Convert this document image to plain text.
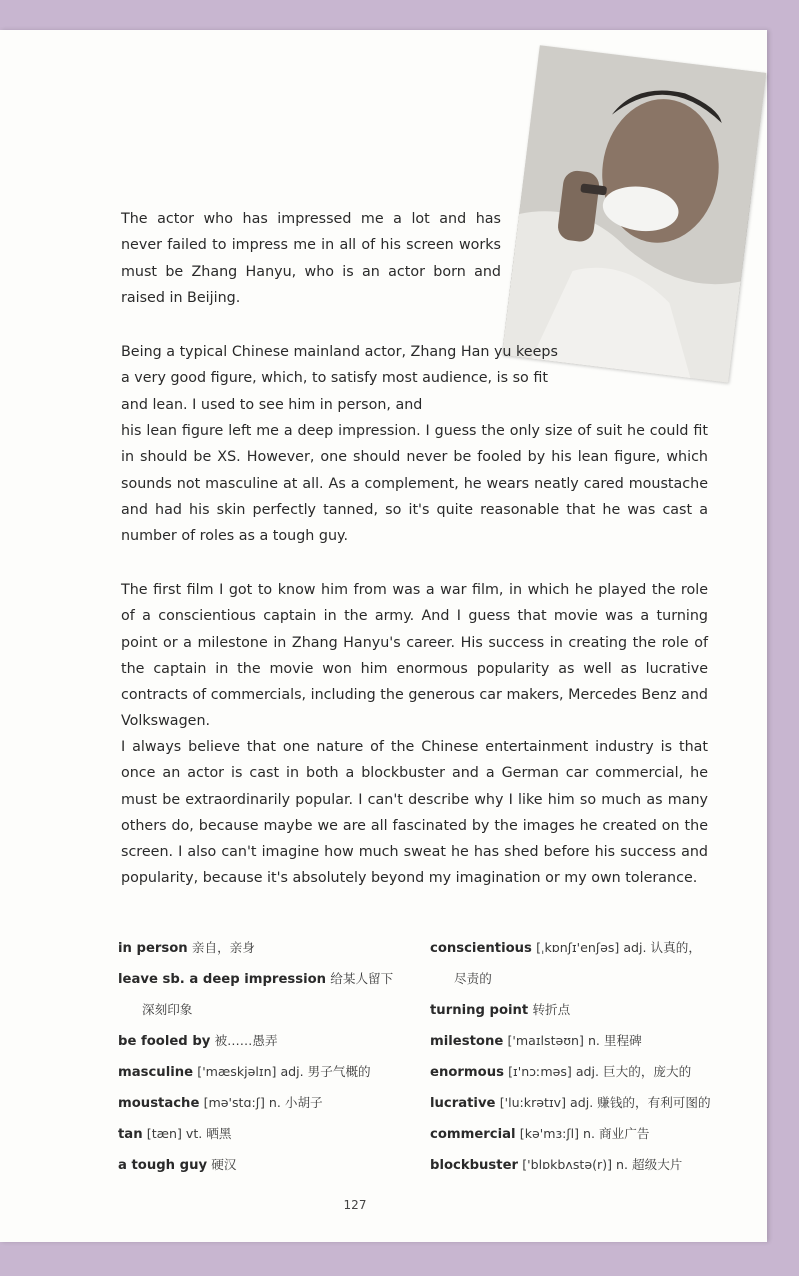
The actor who has impressed me a lot and has never failed to impress me in all of his screen works must be Zhang Hanyu, who is an actor born and raised in Beijing.

Being a typical Chinese mainland actor, Zhang Han yu keeps a very good figure, which, to satisfy most audience, is so fit and lean. I used to see him in person, and

his lean figure left me a deep impression. I guess the only size of suit he could fit in should be XS. However, one should never be fooled by his lean figure, which sounds not masculine at all. As a complement, he wears neatly cared moustache and had his skin perfectly tanned, so it's quite reasonable that he was cast a number of roles as a tough guy.

The first film I got to know him from was a war film, in which he played the role of a conscientious captain in the army. And I guess that movie was a turning point or a milestone in Zhang Hanyu's career. His success in creating the role of the captain in the movie won him enormous popularity as well as lucrative contracts of commercials, including the generous car makers, Mercedes Benz and Volkswagen.

I always believe that one nature of the Chinese entertainment industry is that once an actor is cast in both a blockbuster and a German car commercial, he must be extraordinarily popular. I can't describe why I like him so much as many others do, because maybe we are all fascinated by the images he created on the screen. I also can't imagine how much sweat he has shed before his success and popularity, because it's absolutely beyond my imagination or my own tolerance.

in person 亲自，亲身
leave sb. a deep impression 给某人留下
深刻印象
be fooled by 被……愚弄
masculine ['mæskjəlɪn] adj. 男子气概的
moustache [mə'stɑ:ʃ] n. 小胡子
tan [tæn] vt. 晒黑
a tough guy 硬汉
conscientious [ˌkɒnʃɪ'enʃəs] adj. 认真的，
尽责的
turning point 转折点
milestone ['maɪlstəʊn] n. 里程碑
enormous [ɪ'nɔːməs] adj. 巨大的，庞大的
lucrative ['lu:krətɪv] adj. 赚钱的，有利可图的
commercial [kə'mɜ:ʃl] n. 商业广告
blockbuster ['blɒkbʌstə(r)] n. 超级大片
127
